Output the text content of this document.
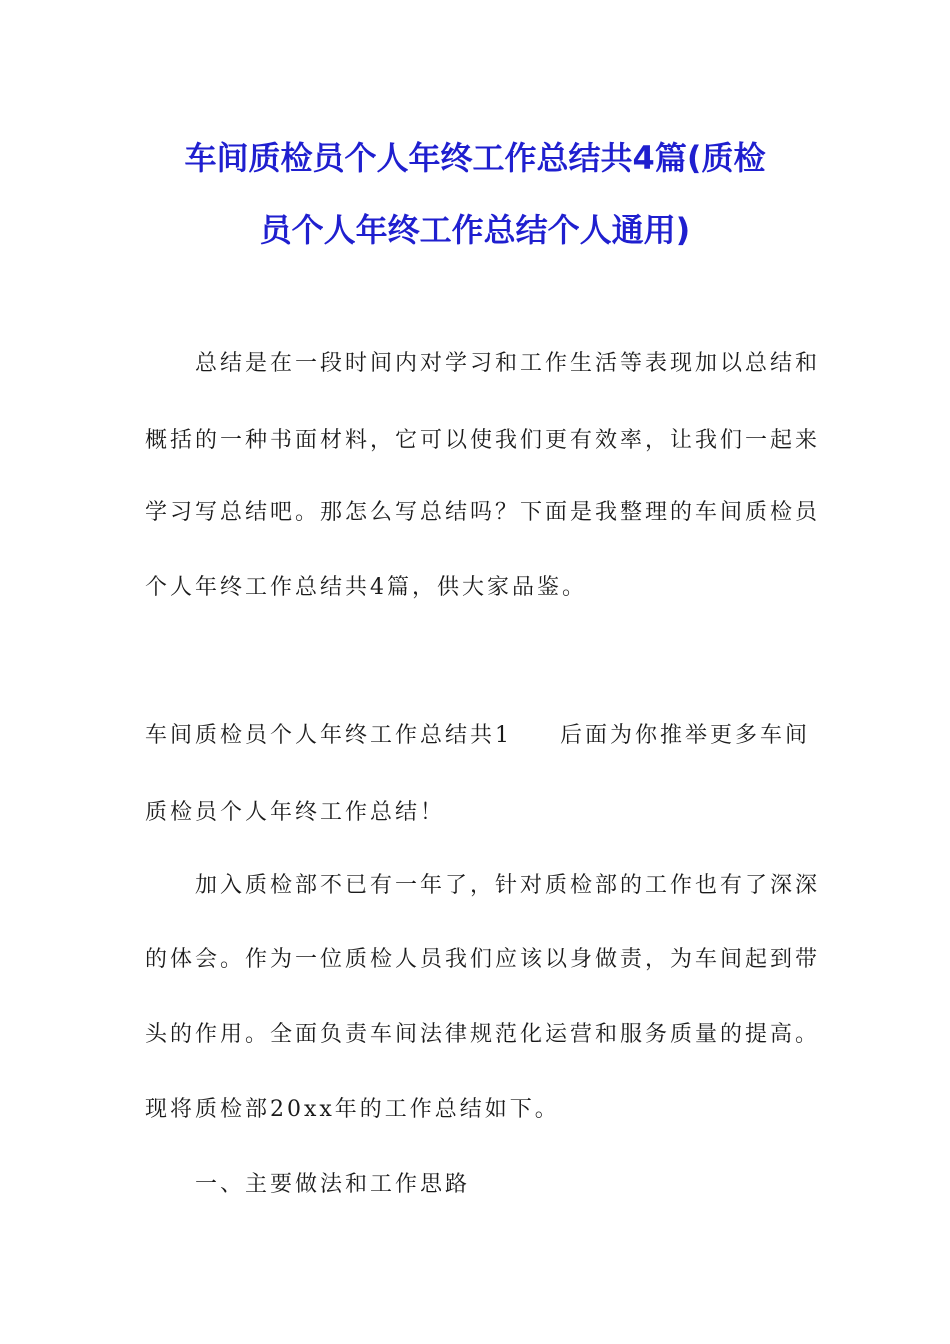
车间质检员个人年终工作总结共4篇(质检
员个人年终工作总结个人通用)
总结是在一段时间内对学习和工作生活等表现加以总结和
概括的一种书面材料，它可以使我们更有效率，让我们一起来
学习写总结吧。那怎么写总结吗？下面是我整理的车间质检员
个人年终工作总结共4篇，供大家品鉴。
车间质检员个人年终工作总结共1 后面为你推举更多车间
质检员个人年终工作总结！
加入质检部不已有一年了，针对质检部的工作也有了深深
的体会。作为一位质检人员我们应该以身做责，为车间起到带
头的作用。全面负责车间法律规范化运营和服务质量的提高。
现将质检部20xx年的工作总结如下。
一、主要做法和工作思路
